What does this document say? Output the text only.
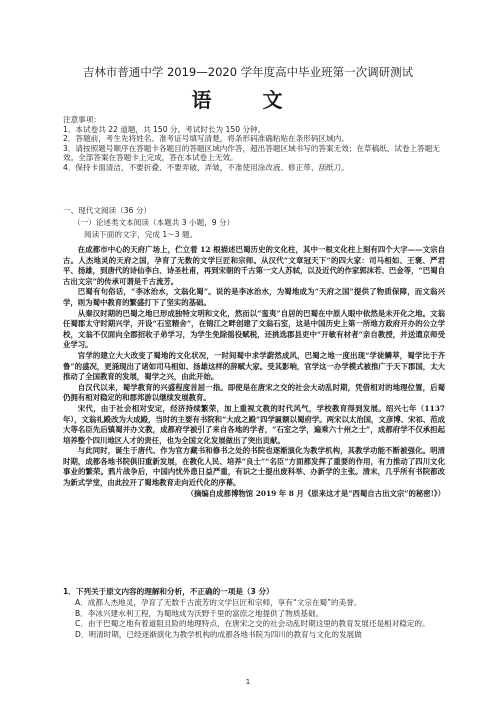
吉林市普通中学 2019—2020 学年度高中毕业班第一次调研测试
语 文
注意事项：
1．本试卷共 22 道题，共 150 分，考试时长为 150 分钟。
2．答题前，考生先将姓名、准考证号填写清楚，将条形码准确粘贴在条形码区域内。
3．请按照题号顺序在答题卡各题目的答题区域内作答，超出答题区域书写的答案无效；在草稿纸、试卷上答题无效。全部答案在答题卡上完成，答在本试卷上无效。
4．保持卡面清洁，不要折叠、不要弄破、弄皱，不准使用涂改液、修正带、刮纸刀。
一、现代文阅读（36 分）
（一）论述类文本阅读（本题共 3 小题，9 分）
阅读下面的文字，完成 1～3 题。

在成都市中心的天府广场上，伫立着 12 根描述巴蜀历史的文化柱，其中一根文化柱上刻有四个大字——文宗自古。人杰地灵的天府之国，孕育了无数的文学巨匠和宗师。从汉代“文章冠天下”的四大家：司马相如、王褒、严君平、扬雄，到唐代的诗仙李白、诗圣杜甫，再到宋朝的千古第一文人苏轼，以及近代的作家郭沫若、巴金等，“巴蜀自古出文宗”的传承可谓是千古流芳。

巴蜀有句俗话，“李冰治水，文翁化蜀”。说的是李冰治水，为蜀地成为“天府之国”提供了物质保障，而文翁兴学，则为蜀中教育的繁盛打下了坚实的基础。

从秦汉时期的巴蜀之地已形成独特文明和文化，然而以“蛮夷”自居的巴蜀在中原人眼中依然是未开化之地。文翁任蜀郡太守时期兴学，开设“石室精舍”，在锦江之畔创建了文翁石室，这是中国历史上第一所地方政府开办的公立学校，文翁不仅面向全郡招收子弟学习，为学生免除徭役赋税，还挑选郡县吏中“开敏有材者”亲自教授，并送遣京师受业学习。

官学的建立大大改变了蜀地的文化状况，一时间蜀中求学蔚然成风，巴蜀之地一度出现“学徒鳞萃，蜀学比于齐鲁”的盛况，更涌现出了诸如司马相如、扬雄这样的辞赋大家。受其影响，官学这一办学模式被推广于天下郡国，太大推动了全国教育的发展，蜀学之兴，由此开始。

自汉代以来，蜀学教育的兴盛程度首屈一指。即使是在唐宋之交的社会大动乱时期，凭借相对的地理位置，后蜀仍拥有相对稳定的和郡邦游以继续发展教育。

宋代，由于社会相对安定，经济持续繁荣，加上重视文教的时代风气，学校教育得到发展。绍兴七年（1137 年），文翁礼殿改为大成殿，当时的主要有书院和“大成之殿”四学匾额以蜀府学。两宋以太治国，文彦博、宋祁、范成大等名臣先后镇蜀并办文教，成都府学被引了来自各地的学者，“石室之学，遍乘六十州之士”，成都府学不仅承担起培养整个四川地区人才的责任，也为全国文化发展做出了突出贡献。

与此同时，诞生于唐代、作为官方藏书和修书之处的书院也逐渐演化为教学机构，其教学功能不断被强化。明清时期，成都各地书院俱旧重新发展，在教化人民、培养“良士”“名臣”方面都发挥了重要的作用，有力推动了四川文化事业的繁荣。鸦片战争后，中国内忧外患日益严重，有识之士提出废科举、办新学的主张。清末，几乎所有书院都改为新式学堂，由此拉开了蜀地教育走向近代化的序幕。

（摘编自成都博物馆 2019 年 8 月《原来这才是“西蜀自古出文宗”的秘密!》）

1．下列关于原文内容的理解和分析，不正确的一项是（3 分）
A．成都人杰地灵，孕育了无数千古流芳的文学巨匠和宗师，享有“文宗在蜀”的美誉。
B．李冰兴建水利工程，为蜀地成为沃野千里的富庶之地提供了物质基础。
C．由于巴蜀之地有着道阻且险的地理特点，在唐宋之交的社会动乱时期这里的教育发展还是相对稳定的。
D．明清时期，已经逐渐演化为教学机构的成都各地书院为四川的教育与文化的发展做
1
